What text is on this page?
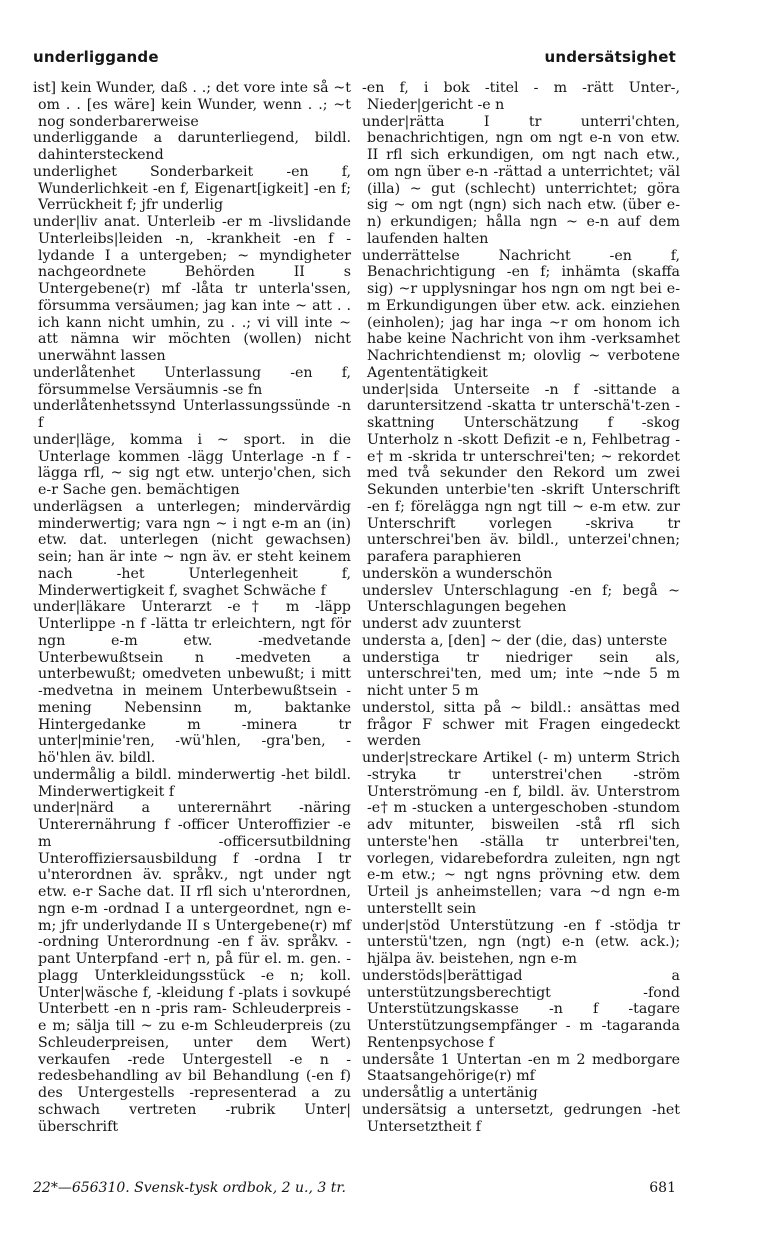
underliggande	undersätsighet

ist] kein Wunder, daß . .; det vore inte så ~t om . . [es wäre] kein Wunder, wenn . .; ~t nog sonderbarerweise

underliggande a darunterliegend, bildl. dahintersteckend

underlighet Sonderbarkeit -en f, Wunderlichkeit -en f, Eigenart[igkeit] -en f; Verrückheit f; jfr underlig

under|liv anat. Unterleib -er m -livslidande Unterleibs|leiden -n, -krankheit -en f -lydande I a untergeben; ~ myndigheter nachgeordnete Behörden II s Untergebene(r) mf -låta tr unterla'ssen, försumma versäumen; jag kan inte ~ att . . ich kann nicht umhin, zu . .; vi vill inte ~ att nämna wir möchten (wollen) nicht unerwähnt lassen

underlåtenhet Unterlassung -en f, försummelse Versäumnis -se fn

underlåtenhetssynd Unterlassungssünde -n f

under|läge, komma i ~ sport. in die Unterlage kommen -lägg Unterlage -n f -lägga rfl, ~ sig ngt etw. unterjo'chen, sich e-r Sache gen. bemächtigen

underlägsen a unterlegen; mindervärdig minderwertig; vara ngn ~ i ngt e-m an (in) etw. dat. unterlegen (nicht gewachsen) sein; han är inte ~ ngn äv. er steht keinem nach -het Unterlegenheit f, Minderwertigkeit f, svaghet Schwäche f

under|läkare Unterarzt -e† m -läpp Unterlippe -n f -lätta tr erleichtern, ngt för ngn e-m etw. -medvetande Unterbewußtsein n -medveten a unterbewußt; omedveten unbewußt; i mitt -medvetna in meinem Unterbewußtsein -mening Nebensinn m, baktanke Hintergedanke m -minera tr unter|minie'ren, -wü'hlen, -gra'ben, -hö'hlen äv. bildl.

undermålig a bildl. minderwertig -het bildl. Minderwertigkeit f

under|närd a unterernährt -näring Unterernährung f -officer Unteroffizier -e m -officersutbildning Unteroffiziersausbildung f -ordna I tr u'nterordnen äv. språkv., ngt under ngt etw. e-r Sache dat. II rfl sich u'nterordnen, ngn e-m -ordnad I a untergeordnet, ngn e-m; jfr underlydande II s Untergebene(r) mf -ordning Unterordnung -en f äv. språkv. -pant Unterpfand -er† n, på für el. m. gen. -plagg Unterkleidungsstück -e n; koll. Unter|wäsche f, -kleidung f -plats i sovkupé Unterbett -en n -pris ram- Schleuderpreis -e m; sälja till ~ zu e-m Schleuderpreis (zu Schleuderpreisen, unter dem Wert) verkaufen -rede Untergestell -e n -redesbehandling av bil Behandlung (-en f) des Untergestells -representerad a zu schwach vertreten -rubrik Unter|überschrift

-en f, i bok -titel - m -rätt Unter-, Nieder|gericht -e n

under|rätta I tr unterri'chten, benachrichtigen, ngn om ngt e-n von etw. II rfl sich erkundigen, om ngt nach etw., om ngn über e-n -rättad a unterrichtet; väl (illa) ~ gut (schlecht) unterrichtet; göra sig ~ om ngt (ngn) sich nach etw. (über e-n) erkundigen; hålla ngn ~ e-n auf dem laufenden halten

underrättelse Nachricht -en f, Benachrichtigung -en f; inhämta (skaffa sig) ~r upplysningar hos ngn om ngt bei e-m Erkundigungen über etw. ack. einziehen (einholen); jag har inga ~r om honom ich habe keine Nachricht von ihm -verksamhet Nachrichtendienst m; olovlig ~ verbotene Agententätigkeit

under|sida Unterseite -n f -sittande a daruntersitzend -skatta tr unterschä't-zen -skattning Unterschätzung f -skog Unterholz n -skott Defizit -e n, Fehlbetrag -e† m -skrida tr unterschrei'ten; ~ rekordet med två sekunder den Rekord um zwei Sekunden unterbie'ten -skrift Unterschrift -en f; förelägga ngn ngt till ~ e-m etw. zur Unterschrift vorlegen -skriva tr unterschrei'ben äv. bildl., unterzei'chnen; parafera paraphieren

underskön a wunderschön

underslev Unterschlagung -en f; begå ~ Unterschlagungen begehen

underst adv zuunterst

understa a, [den] ~ der (die, das) unterste

understiga tr niedriger sein als, unterschrei'ten, med um; inte ~nde 5 m nicht unter 5 m

understol, sitta på ~ bildl.: ansättas med frågor F schwer mit Fragen eingedeckt werden

under|streckare Artikel (- m) unterm Strich -stryka tr unterstrei'chen -ström Unterströmung -en f, bildl. äv. Unterstrom -e† m -stucken a untergeschoben -stundom adv mitunter, bisweilen -stå rfl sich unterste'hen -ställa tr unterbrei'ten, vorlegen, vidarebefordra zuleiten, ngn ngt e-m etw.; ~ ngt ngns prövning etw. dem Urteil js anheimstellen; vara ~d ngn e-m unterstellt sein

under|stöd Unterstützung -en f -stödja tr unterstü'tzen, ngn (ngt) e-n (etw. ack.); hjälpa äv. beistehen, ngn e-m

understöds|berättigad a unterstützungsberechtigt -fond Unterstützungskasse -n f -tagare Unterstützungsempfänger - m -tagaranda Rentenpsychose f

undersåte 1 Untertan -en m 2 medborgare Staatsangehörige(r) mf

undersåtlig a untertänig

undersätsig a untersetzt, gedrungen -het Untersetztheit f

22*—656310. Svensk-tysk ordbok, 2 u., 3 tr.	681
